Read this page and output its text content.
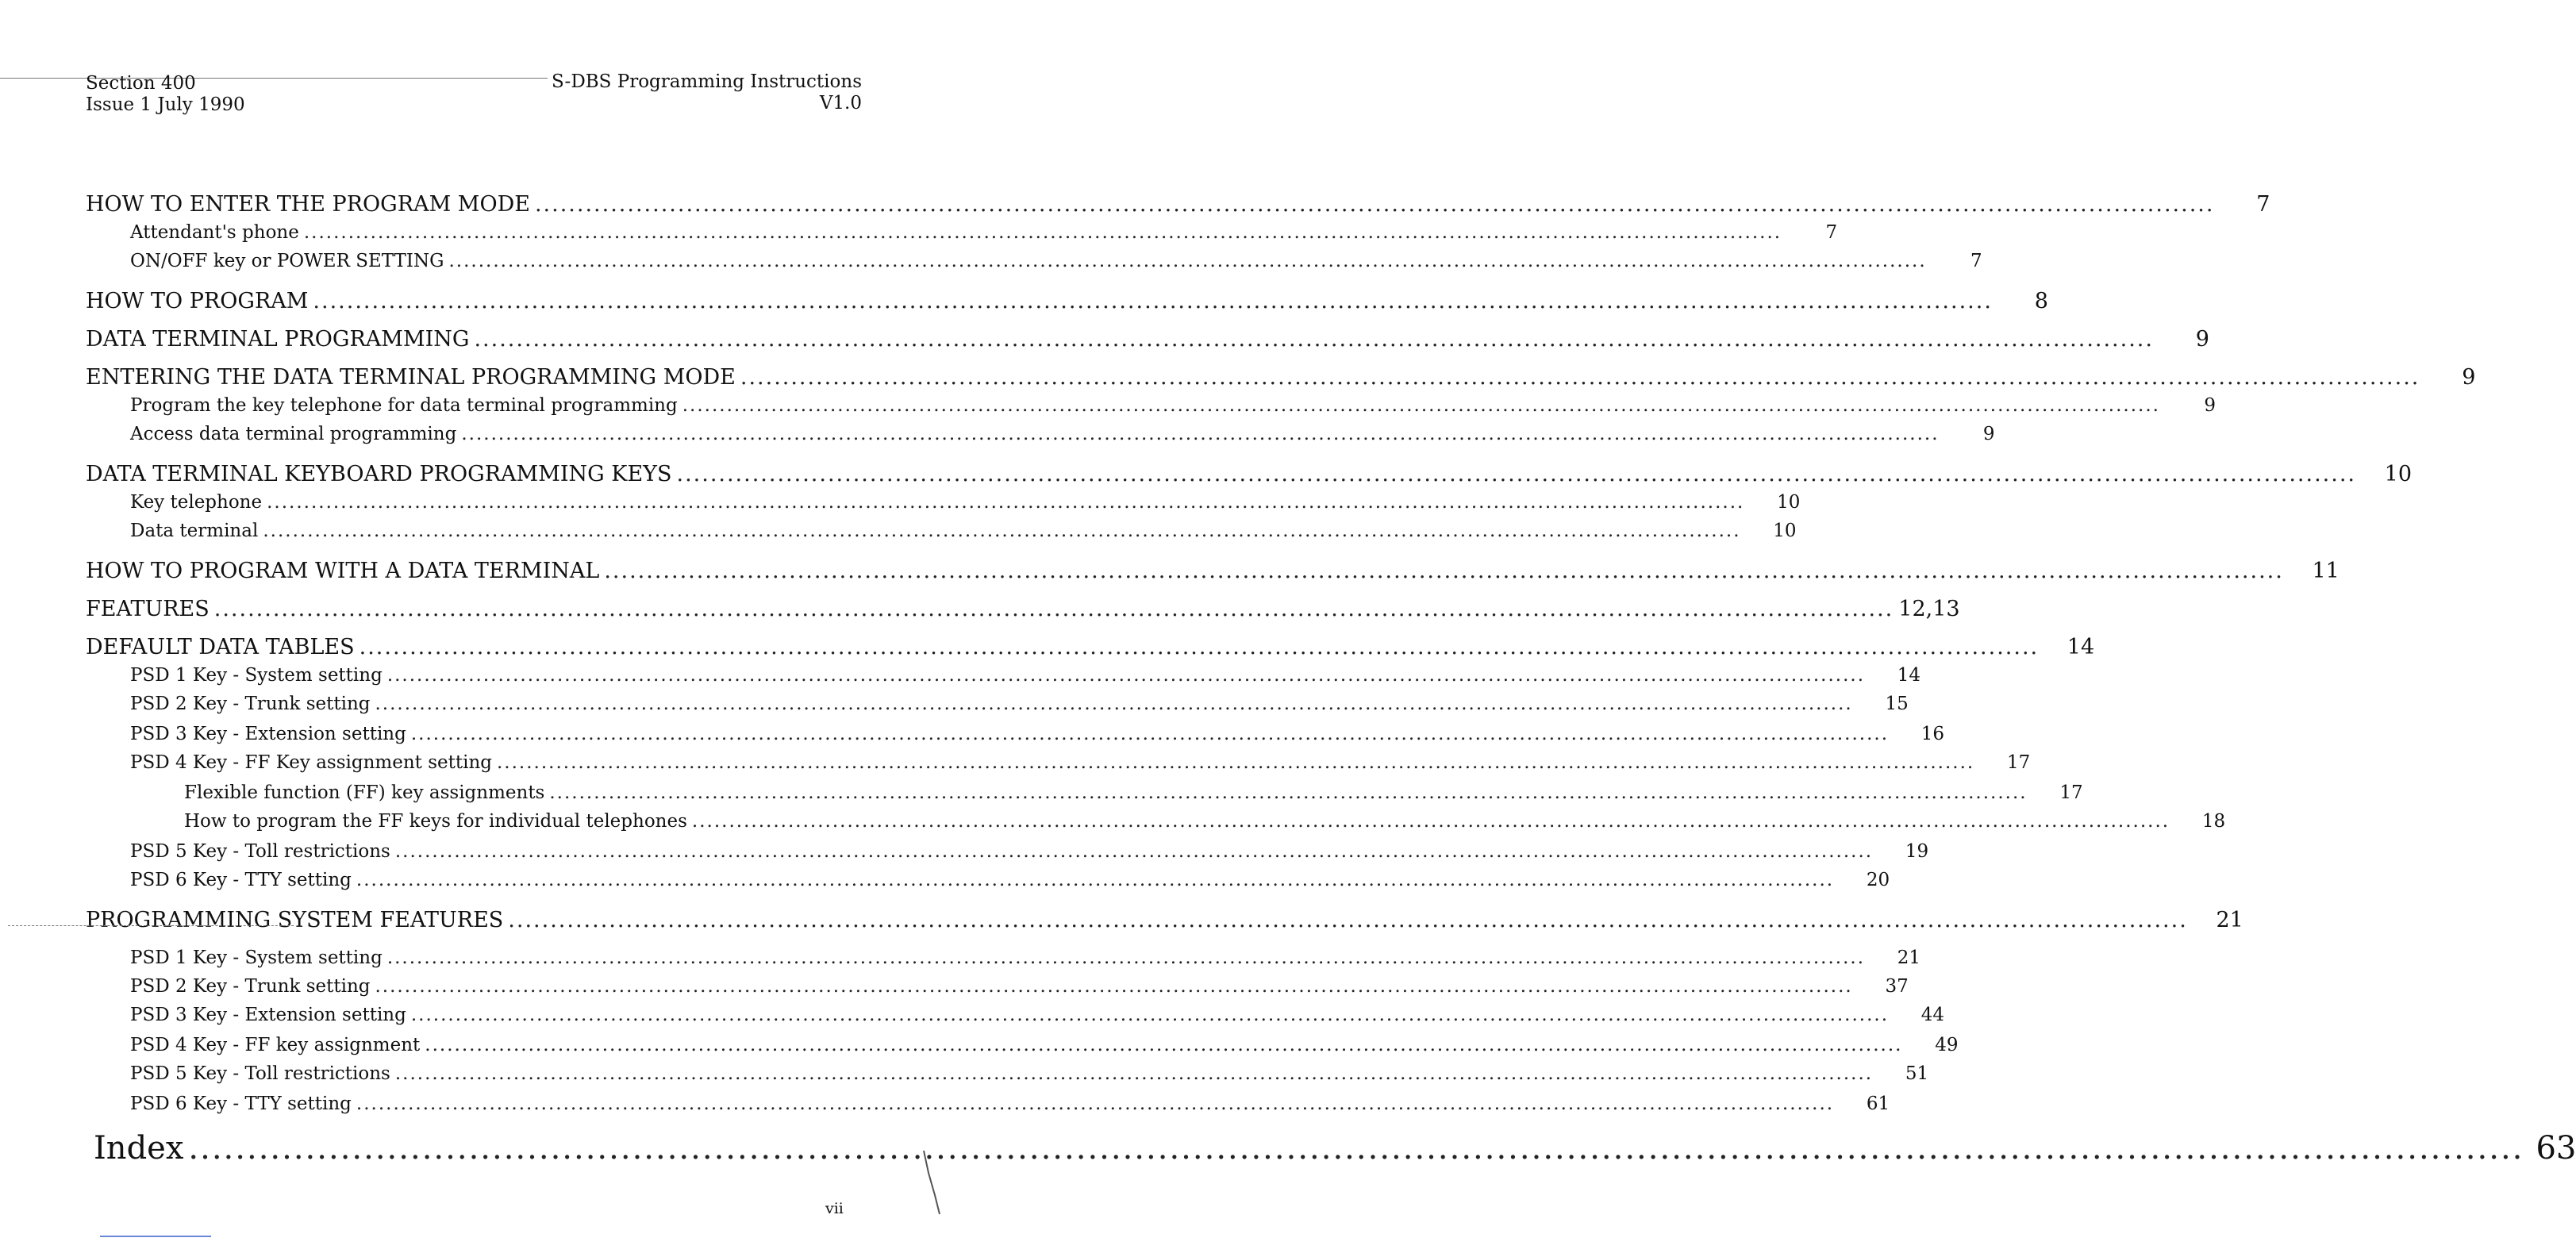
Section 400
Issue 1 July 1990
S-DBS Programming Instructions
V1.0
HOW TO ENTER THE PROGRAM MODE ........................................................................................................................................................................................................	7
Attendant's phone ........................................................................................................................................................................................................	7
ON/OFF key or POWER SETTING ........................................................................................................................................................................................................	7
HOW TO PROGRAM ........................................................................................................................................................................................................	8
DATA TERMINAL PROGRAMMING ........................................................................................................................................................................................................	9
ENTERING THE DATA TERMINAL PROGRAMMING MODE ........................................................................................................................................................................................................	9
Program the key telephone for data terminal programming ........................................................................................................................................................................................................	9
Access data terminal programming ........................................................................................................................................................................................................	9
DATA TERMINAL KEYBOARD PROGRAMMING KEYS ........................................................................................................................................................................................................	10
Key telephone ........................................................................................................................................................................................................	10
Data terminal ........................................................................................................................................................................................................	10
HOW TO PROGRAM WITH A DATA TERMINAL ........................................................................................................................................................................................................	11
FEATURES ........................................................................................................................................................................................................ 12,13
DEFAULT DATA TABLES ........................................................................................................................................................................................................	14
PSD 1 Key - System setting ........................................................................................................................................................................................................	14
PSD 2 Key - Trunk setting ........................................................................................................................................................................................................	15
PSD 3 Key - Extension setting ........................................................................................................................................................................................................	16
PSD 4 Key - FF Key assignment setting ........................................................................................................................................................................................................	17
Flexible function (FF) key assignments ........................................................................................................................................................................................................	17
How to program the FF keys for individual telephones ........................................................................................................................................................................................................	18
PSD 5 Key - Toll restrictions ........................................................................................................................................................................................................	19
PSD 6 Key - TTY setting ........................................................................................................................................................................................................	20
PROGRAMMING SYSTEM FEATURES ........................................................................................................................................................................................................	21
PSD 1 Key - System setting ........................................................................................................................................................................................................	21
PSD 2 Key - Trunk setting ........................................................................................................................................................................................................	37
PSD 3 Key - Extension setting ........................................................................................................................................................................................................	44
PSD 4 Key - FF key assignment ........................................................................................................................................................................................................	49
PSD 5 Key - Toll restrictions ........................................................................................................................................................................................................	51
PSD 6 Key - TTY setting ........................................................................................................................................................................................................	61
Index ........................................................................................................................................................................................................ 63
vii
